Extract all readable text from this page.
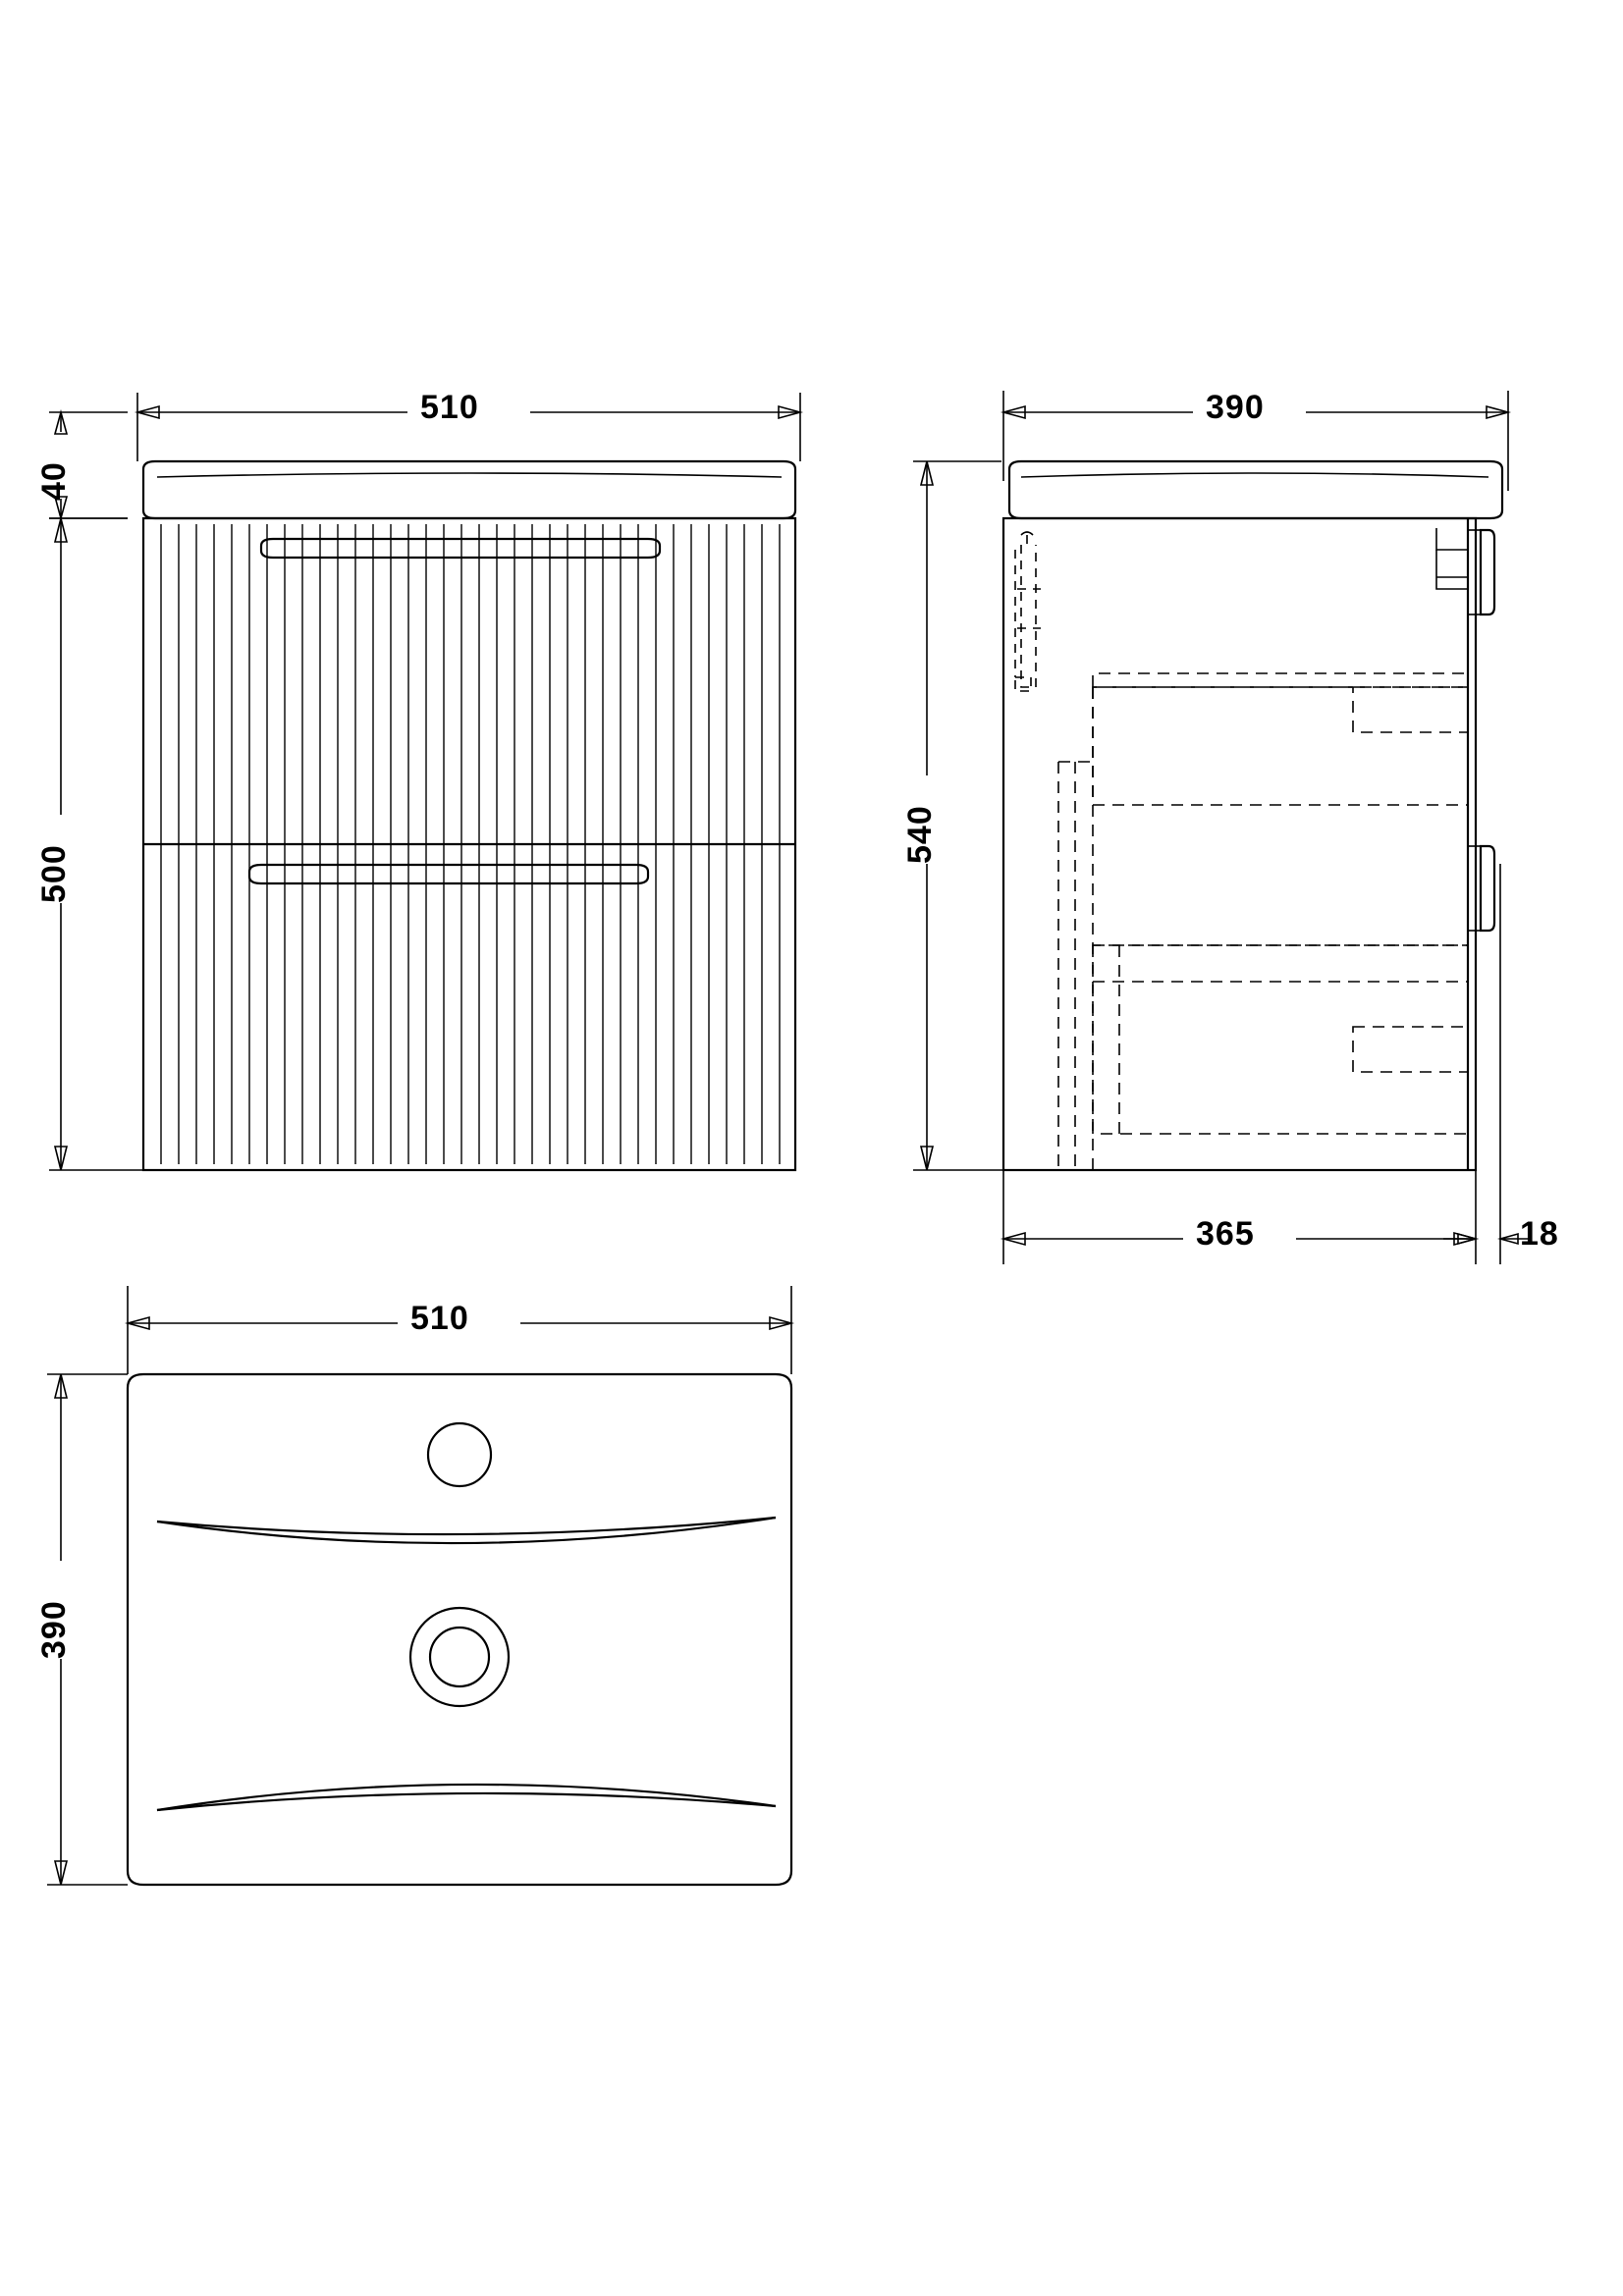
510
40
500
390
540
365	18
510
390
